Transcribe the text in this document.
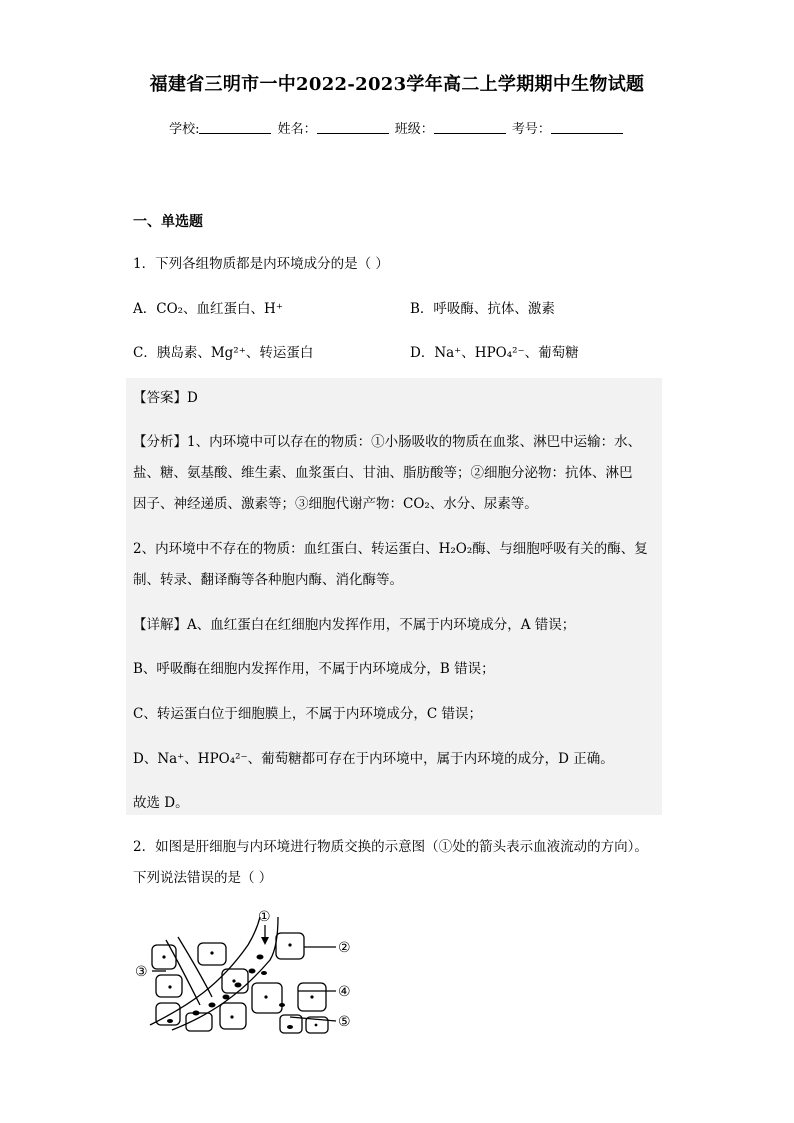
福建省三明市一中2022-2023学年高二上学期期中生物试题
学校:	姓名：	班级：	考号：
一、单选题
1．下列各组物质都是内环境成分的是（ ）
A．CO₂、血红蛋白、H⁺	B．呼吸酶、抗体、激素
C．胰岛素、Mg²⁺、转运蛋白	D．Na⁺、HPO₄²⁻、葡萄糖
【答案】D
【分析】1、内环境中可以存在的物质：①小肠吸收的物质在血浆、淋巴中运输：水、
盐、糖、氨基酸、维生素、血浆蛋白、甘油、脂肪酸等；②细胞分泌物：抗体、淋巴
因子、神经递质、激素等；③细胞代谢产物：CO₂、水分、尿素等。
2、内环境中不存在的物质：血红蛋白、转运蛋白、H₂O₂酶、与细胞呼吸有关的酶、复
制、转录、翻译酶等各种胞内酶、消化酶等。
【详解】A、血红蛋白在红细胞内发挥作用，不属于内环境成分，A 错误；
B、呼吸酶在细胞内发挥作用，不属于内环境成分，B 错误；
C、转运蛋白位于细胞膜上，不属于内环境成分，C 错误；
D、Na⁺、HPO₄²⁻、葡萄糖都可存在于内环境中，属于内环境的成分，D 正确。
故选 D。
2．如图是肝细胞与内环境进行物质交换的示意图（①处的箭头表示血液流动的方向）。
下列说法错误的是（ ）
①
②
③
④
⑤
